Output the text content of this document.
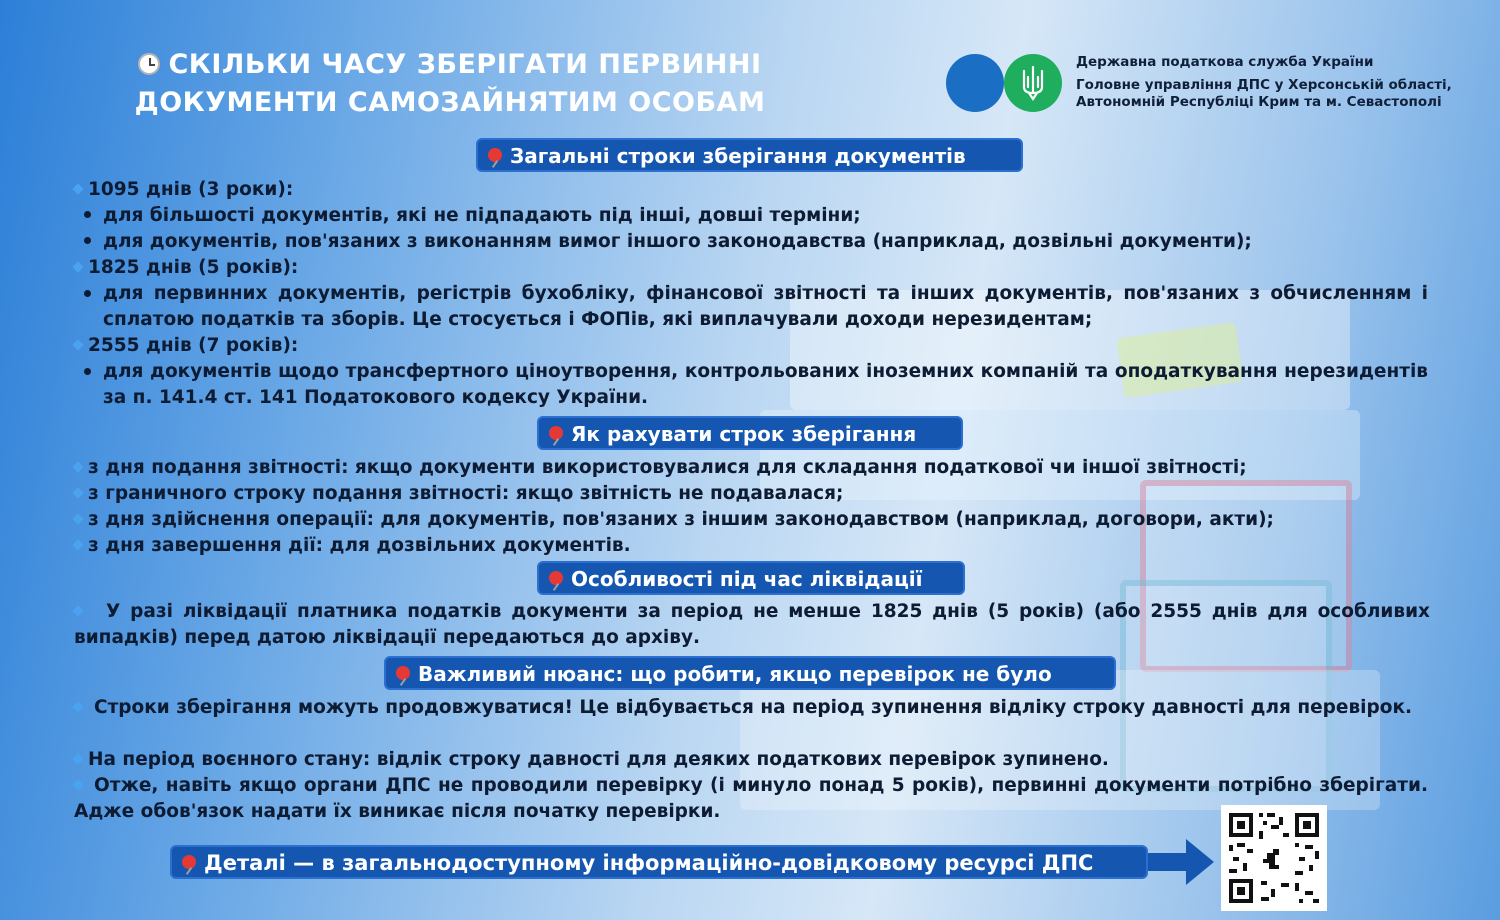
СКІЛЬКИ ЧАСУ ЗБЕРІГАТИ ПЕРВИННІ
ДОКУМЕНТИ САМОЗАЙНЯТИМ ОСОБАМ
Державна податкова служба України
Головне управління ДПС у Херсонській області,
Автономній Республіці Крим та м. Севастополі
Загальні строки зберігання документів
1095 днів (3 роки):
для більшості документів, які не підпадають під інші, довші терміни;
для документів, пов'язаних з виконанням вимог іншого законодавства (наприклад, дозвільні документи);
1825 днів (5 років):
для первинних документів, регістрів бухобліку, фінансової звітності та інших документів, пов'язаних з обчисленням і сплатою податків та зборів. Це стосується і ФОПів, які виплачували доходи нерезидентам;
2555 днів (7 років):
для документів щодо трансфертного ціноутворення, контрольованих іноземних компаній та оподаткування нерезидентів за п. 141.4 ст. 141 Податокового кодексу України.
Як рахувати строк зберігання
з дня подання звітності: якщо документи використовувалися для складання податкової чи іншої звітності;
з граничного строку подання звітності: якщо звітність не подавалася;
з дня здійснення операції: для документів, пов'язаних з іншим законодавством (наприклад, договори, акти);
з дня завершення дії: для дозвільних документів.
Особливості під час ліквідації
У разі ліквідації платника податків документи за період не менше 1825 днів (5 років) (або 2555 днів для особливих випадків) перед датою ліквідації передаються до архіву.
Важливий нюанс: що робити, якщо перевірок не було
Строки зберігання можуть продовжуватися! Це відбувається на період зупинення відліку строку давності для перевірок.
На період воєнного стану: відлік строку давності для деяких податкових перевірок зупинено.
Отже, навіть якщо органи ДПС не проводили перевірку (і минуло понад 5 років), первинні документи потрібно зберігати. Адже обов'язок надати їх виникає після початку перевірки.
Деталі — в загальнодоступному інформаційно-довідковому ресурсі ДПС
